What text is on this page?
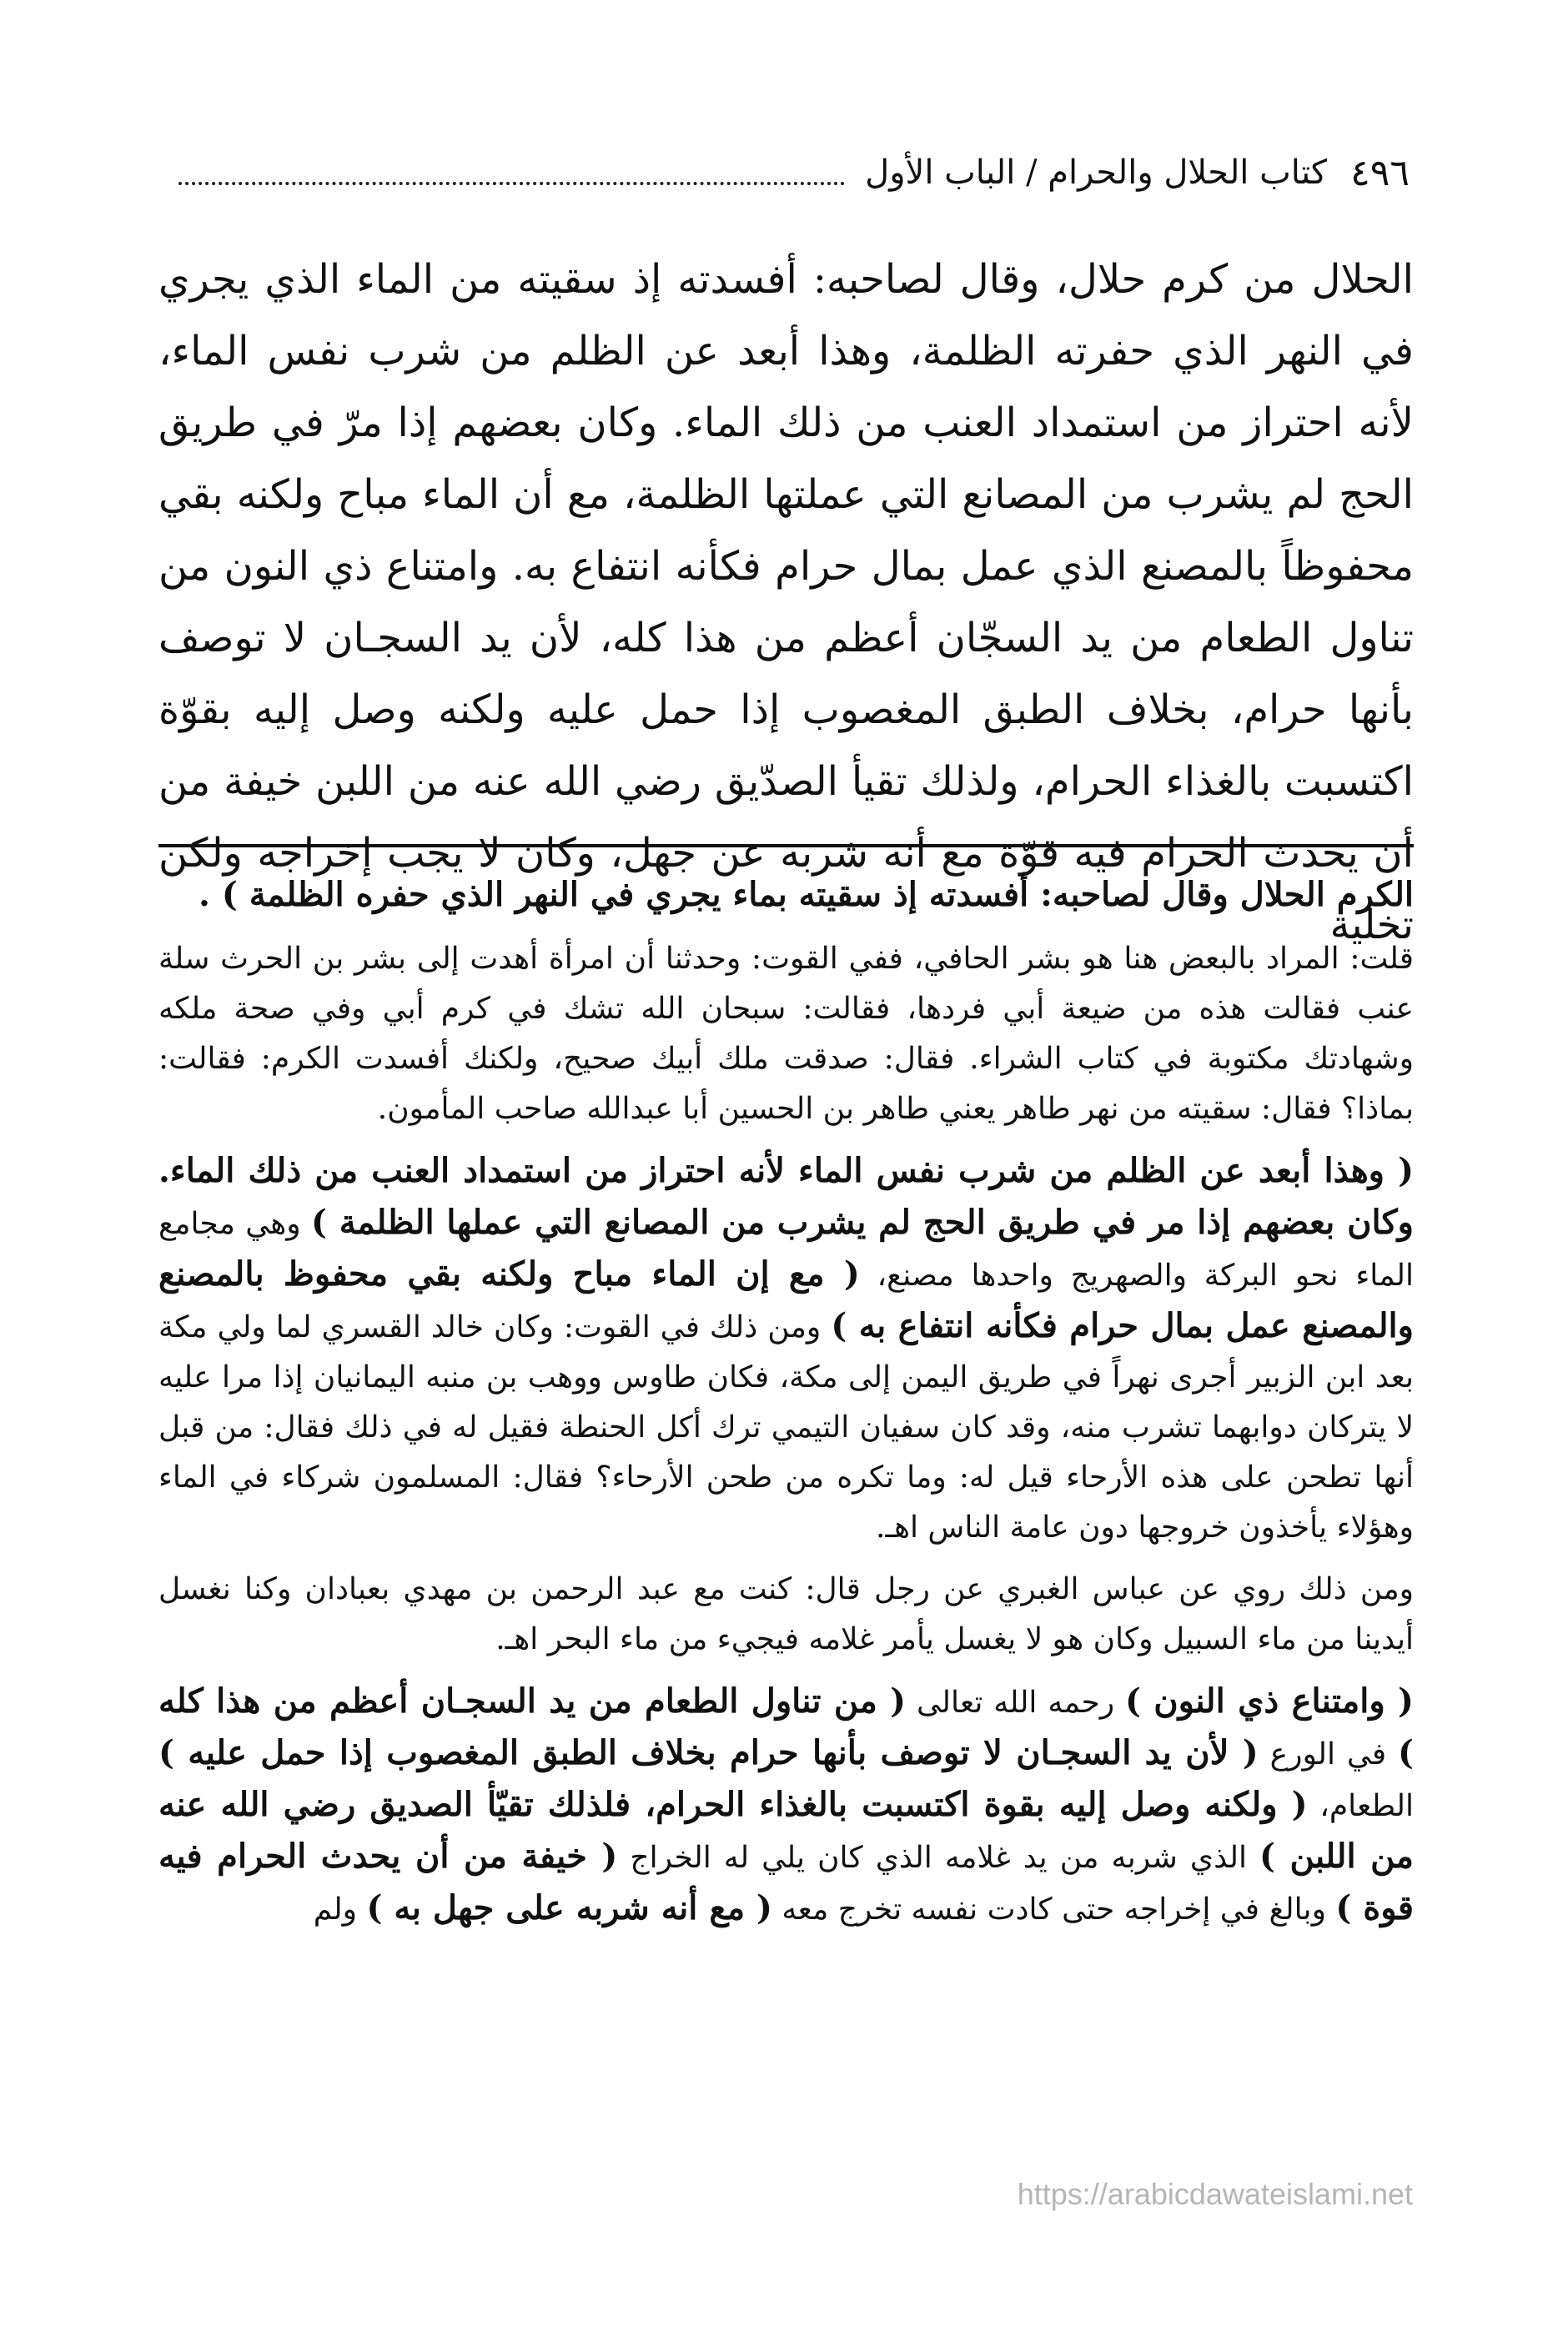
٤٩٦
كتاب الحلال والحرام / الباب الأول

الحلال من كرم حلال، وقال لصاحبه: أفسدته إذ سقيته من الماء الذي يجري في النهر الذي حفرته الظلمة، وهذا أبعد عن الظلم من شرب نفس الماء، لأنه احتراز من استمداد العنب من ذلك الماء. وكان بعضهم إذا مرّ في طريق الحج لم يشرب من المصانع التي عملتها الظلمة، مع أن الماء مباح ولكنه بقي محفوظاً بالمصنع الذي عمل بمال حرام فكأنه انتفاع به. وامتناع ذي النون من تناول الطعام من يد السجّان أعظم من هذا كله، لأن يد السجـان لا توصف بأنها حرام، بخلاف الطبق المغصوب إذا حمل عليه ولكنه وصل إليه بقوّة اكتسبت بالغذاء الحرام، ولذلك تقيأ الصدّيق رضي الله عنه من اللبن خيفة من أن يحدث الحرام فيه قوّة مع أنه شربه عن جهل، وكان لا يجب إخراجه ولكن تخلية

الكرم الحلال وقال لصاحبه: أفسدته إذ سقيته بماء يجري في النهر الذي حفره الظلمة ) .

قلت: المراد بالبعض هنا هو بشر الحافي، ففي القوت: وحدثنا أن امرأة أهدت إلى بشر بن الحرث سلة عنب فقالت هذه من ضيعة أبي فردها، فقالت: سبحان الله تشك في كرم أبي وفي صحة ملكه وشهادتك مكتوبة في كتاب الشراء. فقال: صدقت ملك أبيك صحيح، ولكنك أفسدت الكرم: فقالت: بماذا؟ فقال: سقيته من نهر طاهر يعني طاهر بن الحسين أبا عبدالله صاحب المأمون.

( وهذا أبعد عن الظلم من شرب نفس الماء لأنه احتراز من استمداد العنب من ذلك الماء. وكان بعضهم إذا مر في طريق الحج لم يشرب من المصانع التي عملها الظلمة ) وهي مجامع الماء نحو البركة والصهريج واحدها مصنع، ( مع إن الماء مباح ولكنه بقي محفوظ بالمصنع والمصنع عمل بمال حرام فكأنه انتفاع به ) ومن ذلك في القوت: وكان خالد القسري لما ولي مكة بعد ابن الزبير أجرى نهراً في طريق اليمن إلى مكة، فكان طاوس ووهب بن منبه اليمانيان إذا مرا عليه لا يتركان دوابهما تشرب منه، وقد كان سفيان التيمي ترك أكل الحنطة فقيل له في ذلك فقال: من قبل أنها تطحن على هذه الأرحاء قيل له: وما تكره من طحن الأرحاء؟ فقال: المسلمون شركاء في الماء وهؤلاء يأخذون خروجها دون عامة الناس اهـ.

ومن ذلك روي عن عباس الغبري عن رجل قال: كنت مع عبد الرحمن بن مهدي بعبادان وكنا نغسل أيدينا من ماء السبيل وكان هو لا يغسل يأمر غلامه فيجيء من ماء البحر اهـ.

( وامتناع ذي النون ) رحمه الله تعالى ( من تناول الطعام من يد السجـان أعظم من هذا كله ) في الورع ( لأن يد السجـان لا توصف بأنها حرام بخلاف الطبق المغصوب إذا حمل عليه ) الطعام، ( ولكنه وصل إليه بقوة اكتسبت بالغذاء الحرام، فلذلك تقيّأ الصديق رضي الله عنه من اللبن ) الذي شربه من يد غلامه الذي كان يلي له الخراج ( خيفة من أن يحدث الحرام فيه قوة ) وبالغ في إخراجه حتى كادت نفسه تخرج معه ( مع أنه شربه على جهل به ) ولم

https://arabicdawateislami.net
